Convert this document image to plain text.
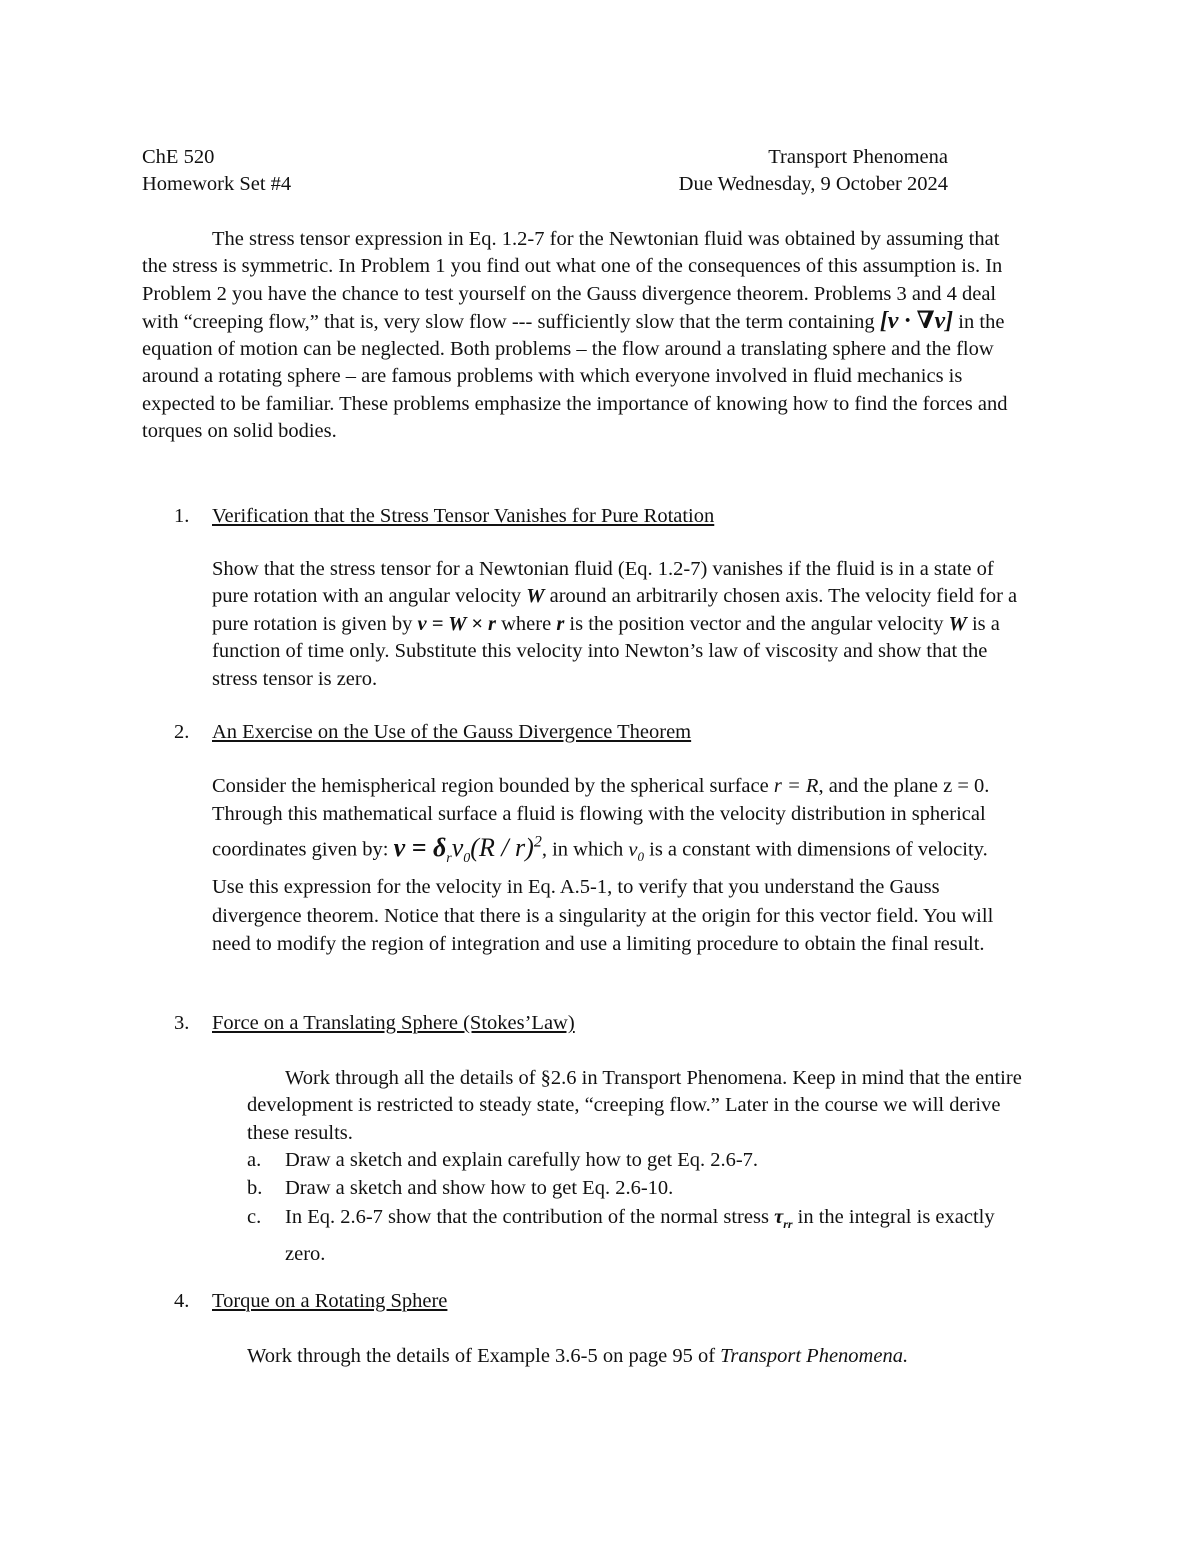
ChE 520
Homework Set #4
Transport Phenomena
Due Wednesday, 9 October 2024

The stress tensor expression in Eq. 1.2-7 for the Newtonian fluid was obtained by assuming that the stress is symmetric. In Problem 1 you find out what one of the consequences of this assumption is. In Problem 2 you have the chance to test yourself on the Gauss divergence theorem. Problems 3 and 4 deal with “creeping flow,” that is, very slow flow --- sufficiently slow that the term containing [v · ∇v] in the equation of motion can be neglected. Both problems – the flow around a translating sphere and the flow around a rotating sphere – are famous problems with which everyone involved in fluid mechanics is expected to be familiar. These problems emphasize the importance of knowing how to find the forces and torques on solid bodies.

1. Verification that the Stress Tensor Vanishes for Pure Rotation
Show that the stress tensor for a Newtonian fluid (Eq. 1.2-7) vanishes if the fluid is in a state of pure rotation with an angular velocity W around an arbitrarily chosen axis. The velocity field for a pure rotation is given by v = W × r where r is the position vector and the angular velocity W is a function of time only. Substitute this velocity into Newton’s law of viscosity and show that the stress tensor is zero.
2. An Exercise on the Use of the Gauss Divergence Theorem
Consider the hemispherical region bounded by the spherical surface r = R, and the plane z = 0. Through this mathematical surface a fluid is flowing with the velocity distribution in spherical coordinates given by: $v = \delta_rv_0(R / r)^2$, in which $v_0$ is a constant with dimensions of velocity. Use this expression for the velocity in Eq. A.5-1, to verify that you understand the Gauss divergence theorem. Notice that there is a singularity at the origin for this vector field. You will need to modify the region of integration and use a limiting procedure to obtain the final result.
3. Force on a Translating Sphere (Stokes’Law)
Work through all the details of §2.6 in Transport Phenomena. Keep in mind that the entire development is restricted to steady state, “creeping flow.” Later in the course we will derive these results.
a. Draw a sketch and explain carefully how to get Eq. 2.6-7.
b. Draw a sketch and show how to get Eq. 2.6-10.
c. In Eq. 2.6-7 show that the contribution of the normal stress $\tau_{rr}$ in the integral is exactly zero.
4. Torque on a Rotating Sphere
Work through the details of Example 3.6-5 on page 95 of Transport Phenomena.
